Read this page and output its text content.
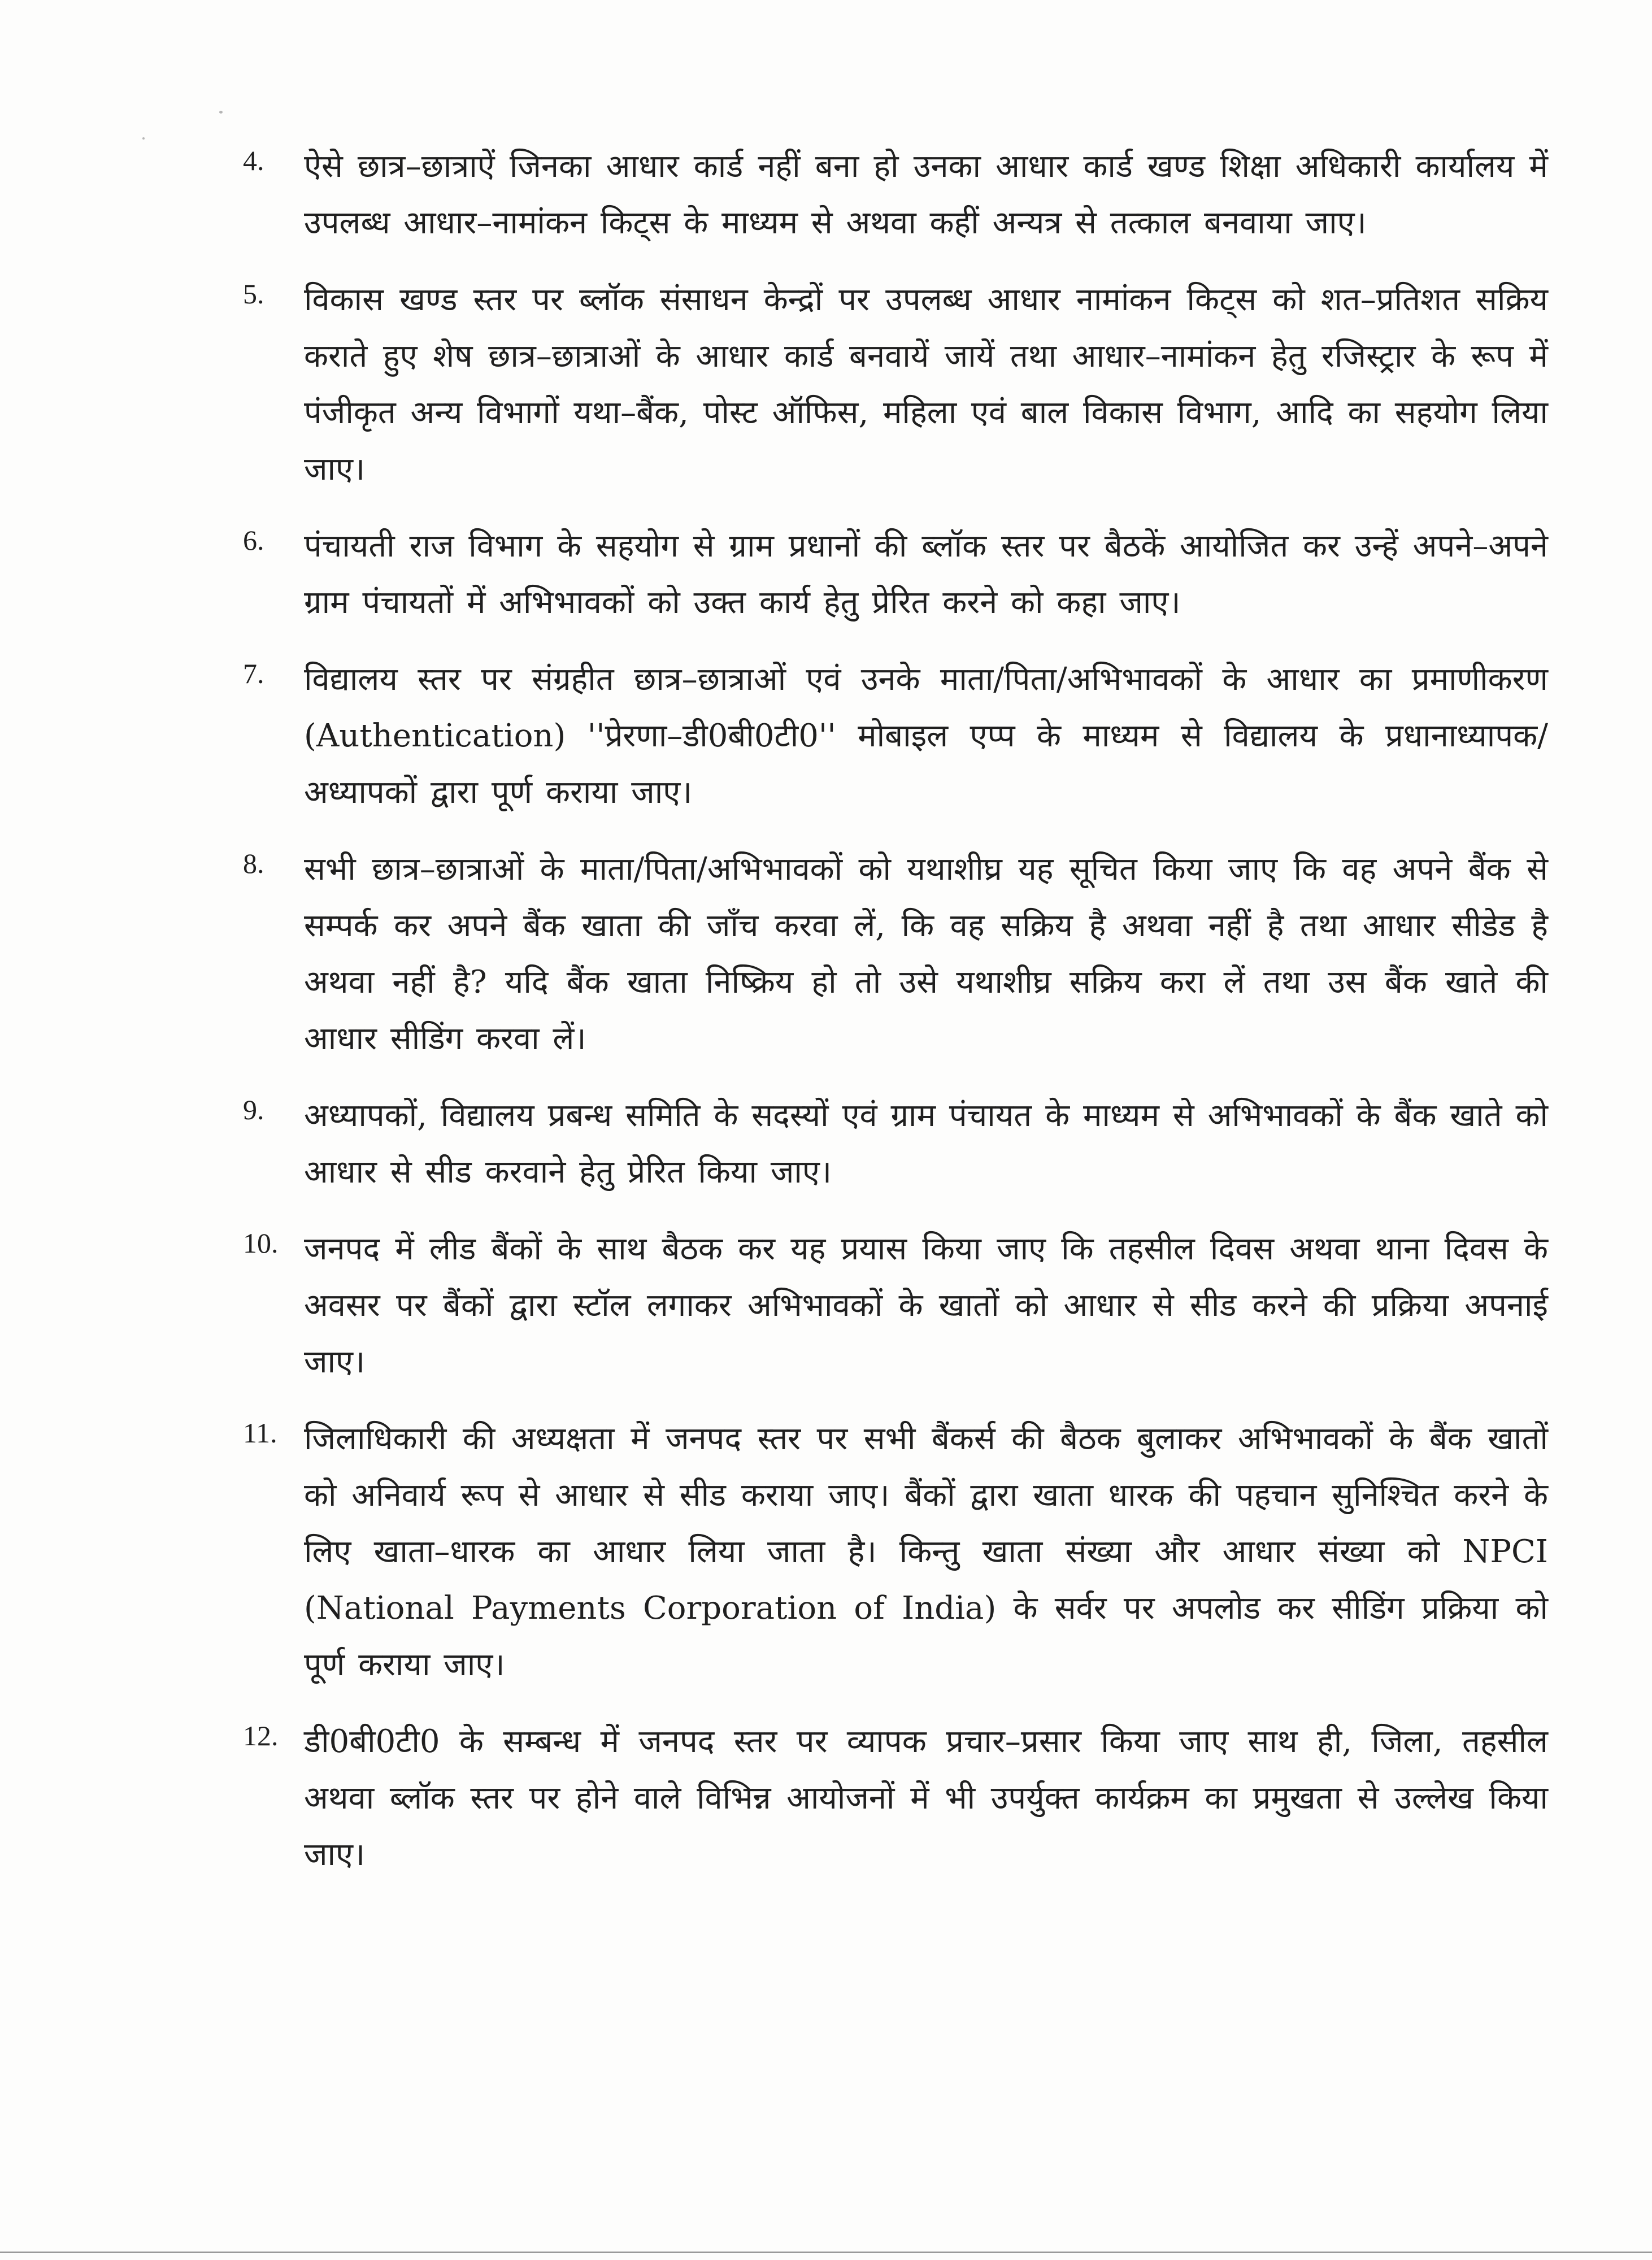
4. ऐसे छात्र–छात्राऐं जिनका आधार कार्ड नहीं बना हो उनका आधार कार्ड खण्ड शिक्षा अधिकारी कार्यालय में उपलब्ध आधार–नामांकन किट्स के माध्यम से अथवा कहीं अन्यत्र से तत्काल बनवाया जाए।
5. विकास खण्ड स्तर पर ब्लॉक संसाधन केन्द्रों पर उपलब्ध आधार नामांकन किट्स को शत–प्रतिशत सक्रिय कराते हुए शेष छात्र–छात्राओं के आधार कार्ड बनवायें जायें तथा आधार–नामांकन हेतु रजिस्ट्रार के रूप में पंजीकृत अन्य विभागों यथा–बैंक, पोस्ट ऑफिस, महिला एवं बाल विकास विभाग, आदि का सहयोग लिया जाए।
6. पंचायती राज विभाग के सहयोग से ग्राम प्रधानों की ब्लॉक स्तर पर बैठकें आयोजित कर उन्हें अपने–अपने ग्राम पंचायतों में अभिभावकों को उक्त कार्य हेतु प्रेरित करने को कहा जाए।
7. विद्यालय स्तर पर संग्रहीत छात्र–छात्राओं एवं उनके माता/पिता/अभिभावकों के आधार का प्रमाणीकरण (Authentication) ''प्रेरणा–डी0बी0टी0'' मोबाइल एप्प के माध्यम से विद्यालय के प्रधानाध्यापक/अध्यापकों द्वारा पूर्ण कराया जाए।
8. सभी छात्र–छात्राओं के माता/पिता/अभिभावकों को यथाशीघ्र यह सूचित किया जाए कि वह अपने बैंक से सम्पर्क कर अपने बैंक खाता की जाँच करवा लें, कि वह सक्रिय है अथवा नहीं है तथा आधार सीडेड है अथवा नहीं है? यदि बैंक खाता निष्क्रिय हो तो उसे यथाशीघ्र सक्रिय करा लें तथा उस बैंक खाते की आधार सीडिंग करवा लें।
9. अध्यापकों, विद्यालय प्रबन्ध समिति के सदस्यों एवं ग्राम पंचायत के माध्यम से अभिभावकों के बैंक खाते को आधार से सीड करवाने हेतु प्रेरित किया जाए।
10. जनपद में लीड बैंकों के साथ बैठक कर यह प्रयास किया जाए कि तहसील दिवस अथवा थाना दिवस के अवसर पर बैंकों द्वारा स्टॉल लगाकर अभिभावकों के खातों को आधार से सीड करने की प्रक्रिया अपनाई जाए।
11. जिलाधिकारी की अध्यक्षता में जनपद स्तर पर सभी बैंकर्स की बैठक बुलाकर अभिभावकों के बैंक खातों को अनिवार्य रूप से आधार से सीड कराया जाए। बैंकों द्वारा खाता धारक की पहचान सुनिश्चित करने के लिए खाता–धारक का आधार लिया जाता है। किन्तु खाता संख्या और आधार संख्या को NPCI (National Payments Corporation of India) के सर्वर पर अपलोड कर सीडिंग प्रक्रिया को पूर्ण कराया जाए।
12. डी0बी0टी0 के सम्बन्ध में जनपद स्तर पर व्यापक प्रचार–प्रसार किया जाए साथ ही, जिला, तहसील अथवा ब्लॉक स्तर पर होने वाले विभिन्न आयोजनों में भी उपर्युक्त कार्यक्रम का प्रमुखता से उल्लेख किया जाए।
